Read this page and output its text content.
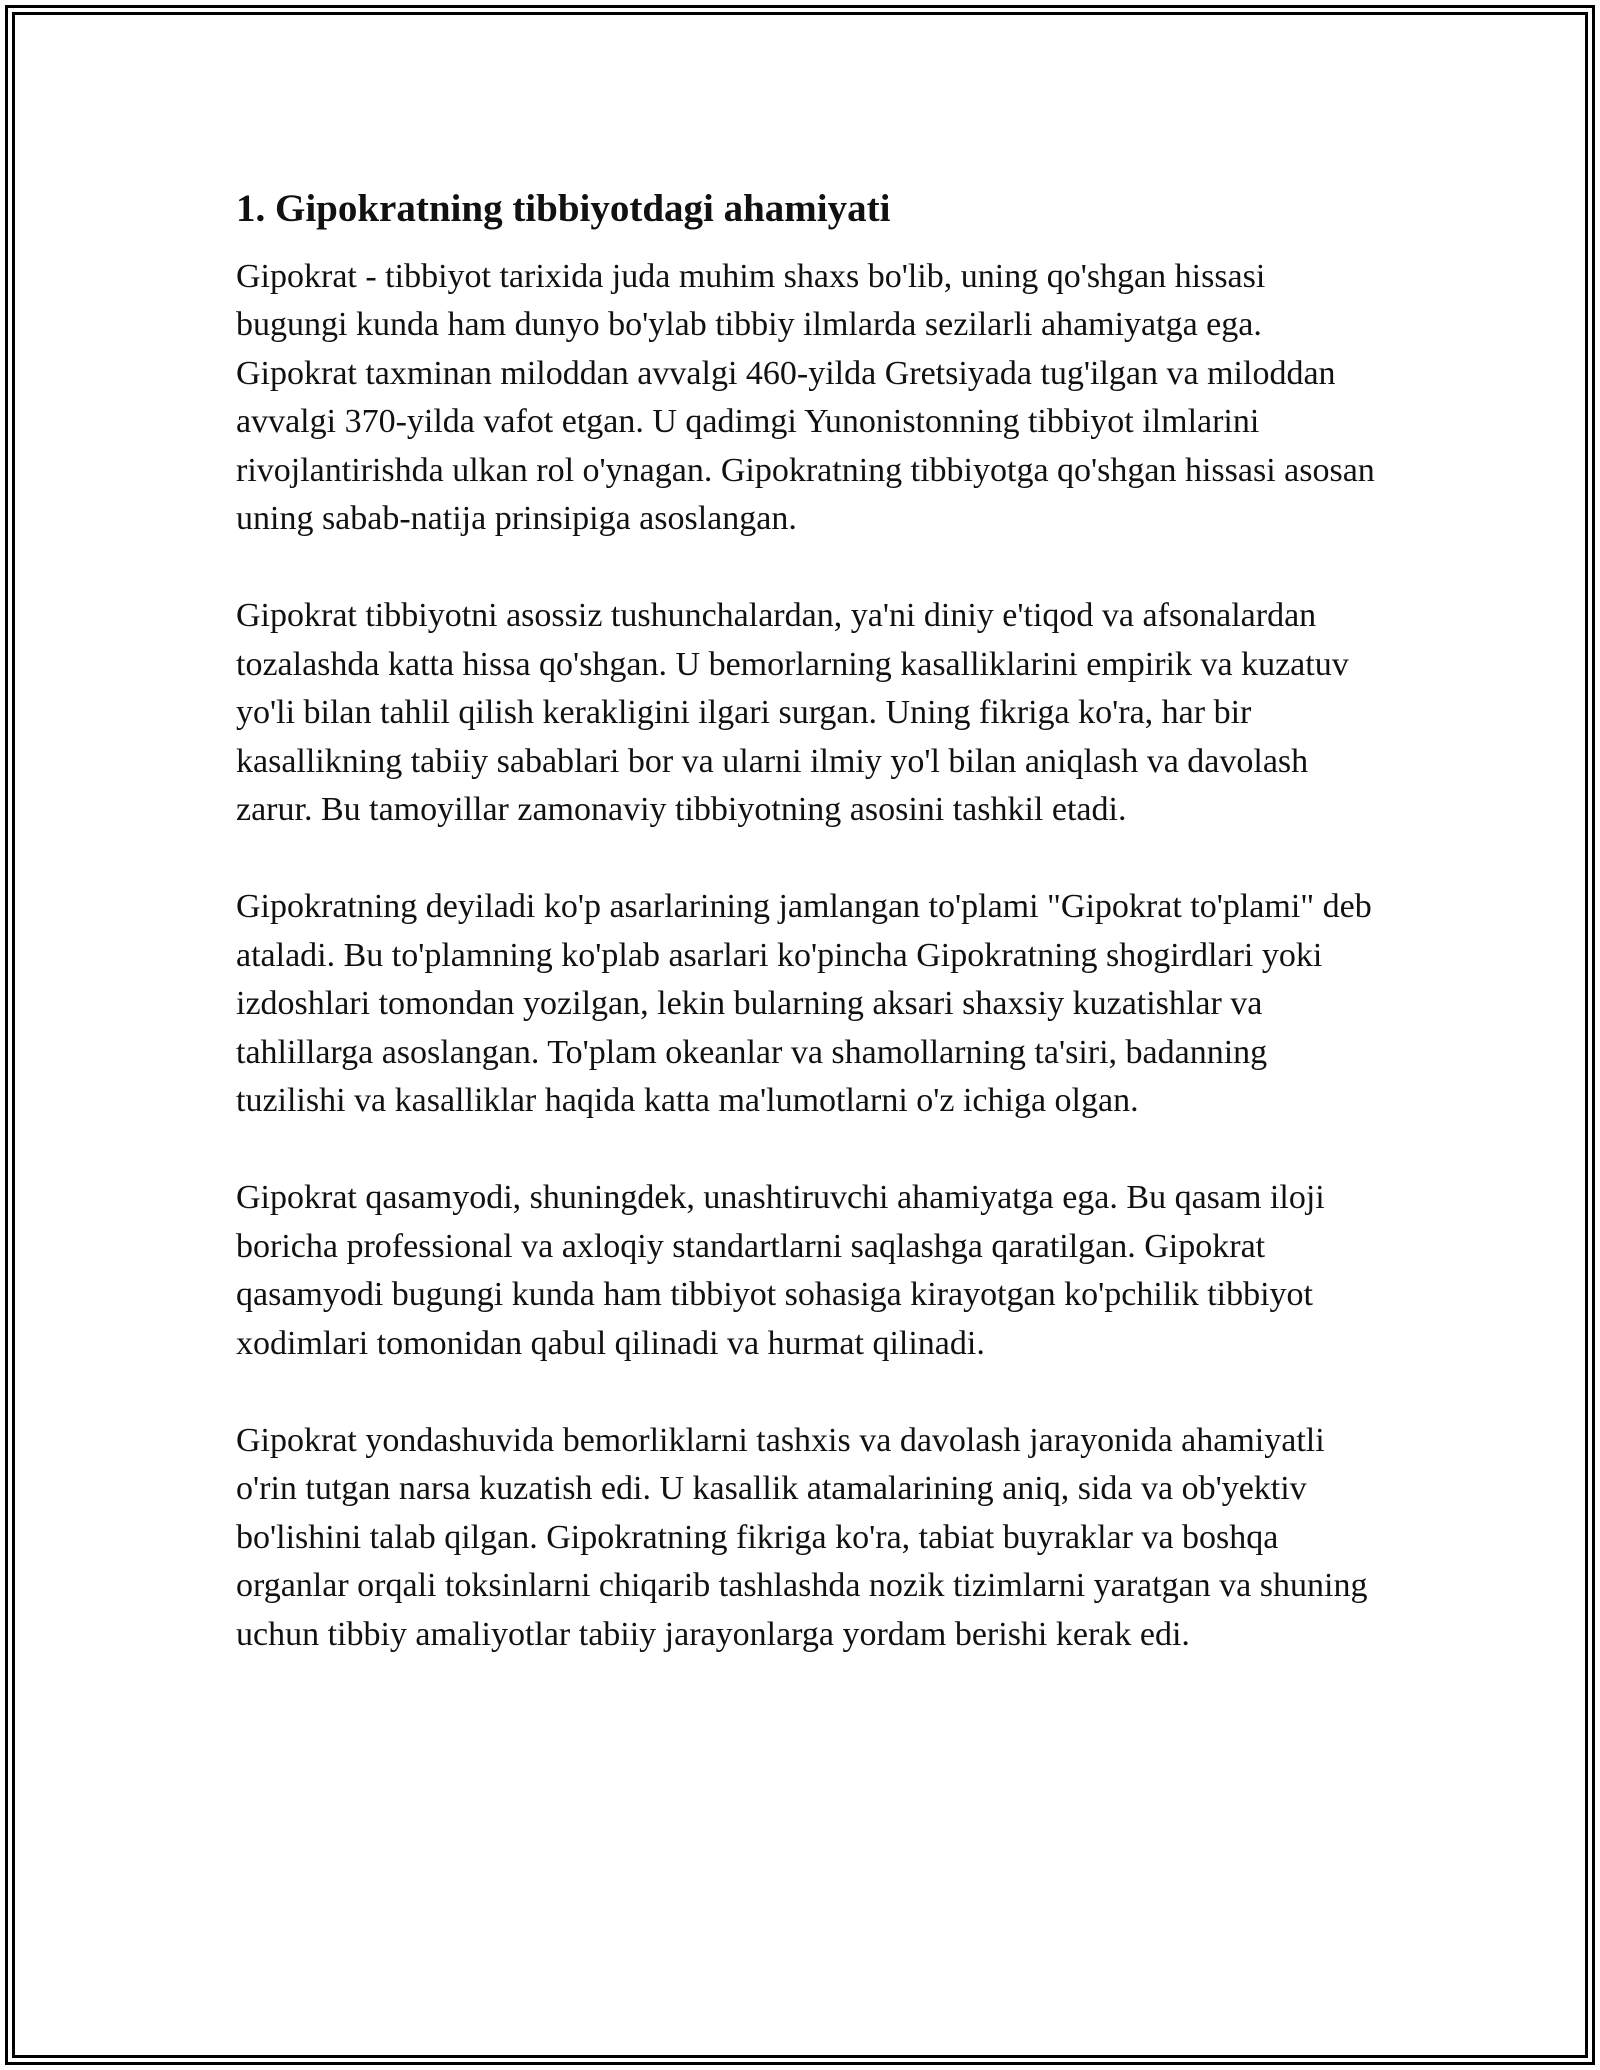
1. Gipokratning tibbiyotdagi ahamiyati

Gipokrat - tibbiyot tarixida juda muhim shaxs bo'lib, uning qo'shgan hissasi bugungi kunda ham dunyo bo'ylab tibbiy ilmlarda sezilarli ahamiyatga ega. Gipokrat taxminan miloddan avvalgi 460-yilda Gretsiyada tug'ilgan va miloddan avvalgi 370-yilda vafot etgan. U qadimgi Yunonistonning tibbiyot ilmlarini rivojlantirishda ulkan rol o'ynagan. Gipokratning tibbiyotga qo'shgan hissasi asosan uning sabab-natija prinsipiga asoslangan.

Gipokrat tibbiyotni asossiz tushunchalardan, ya'ni diniy e'tiqod va afsonalardan tozalashda katta hissa qo'shgan. U bemorlarning kasalliklarini empirik va kuzatuv yo'li bilan tahlil qilish kerakligini ilgari surgan. Uning fikriga ko'ra, har bir kasallikning tabiiy sabablari bor va ularni ilmiy yo'l bilan aniqlash va davolash zarur. Bu tamoyillar zamonaviy tibbiyotning asosini tashkil etadi.

Gipokratning deyiladi ko'p asarlarining jamlangan to'plami "Gipokrat to'plami" deb ataladi. Bu to'plamning ko'plab asarlari ko'pincha Gipokratning shogirdlari yoki izdoshlari tomondan yozilgan, lekin bularning aksari shaxsiy kuzatishlar va tahlillarga asoslangan. To'plam okeanlar va shamollarning ta'siri, badanning tuzilishi va kasalliklar haqida katta ma'lumotlarni o'z ichiga olgan.

Gipokrat qasamyodi, shuningdek, unashtiruvchi ahamiyatga ega. Bu qasam iloji boricha professional va axloqiy standartlarni saqlashga qaratilgan. Gipokrat qasamyodi bugungi kunda ham tibbiyot sohasiga kirayotgan ko'pchilik tibbiyot xodimlari tomonidan qabul qilinadi va hurmat qilinadi.

Gipokrat yondashuvida bemorliklarni tashxis va davolash jarayonida ahamiyatli o'rin tutgan narsa kuzatish edi. U kasallik atamalarining aniq, sida va ob'yektiv bo'lishini talab qilgan. Gipokratning fikriga ko'ra, tabiat buyraklar va boshqa organlar orqali toksinlarni chiqarib tashlashda nozik tizimlarni yaratgan va shuning uchun tibbiy amaliyotlar tabiiy jarayonlarga yordam berishi kerak edi.
